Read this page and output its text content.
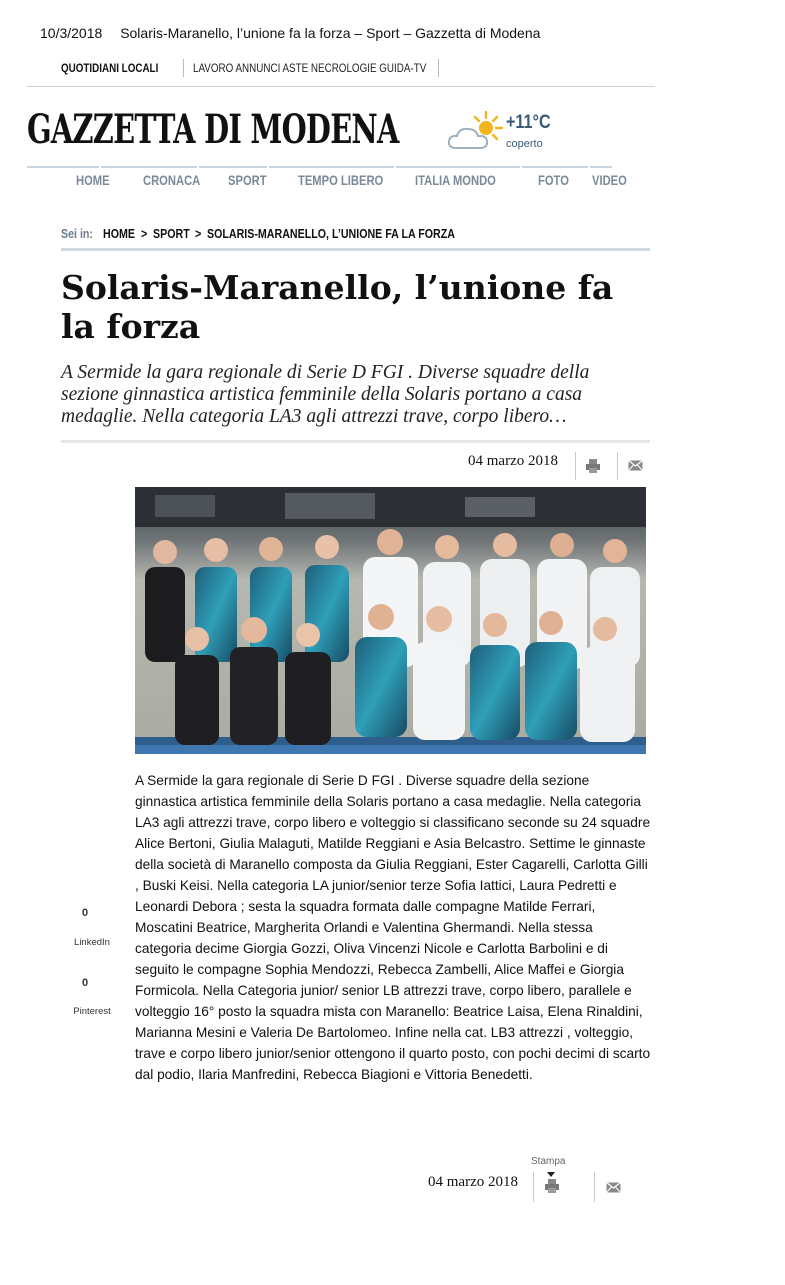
10/3/2018 Solaris-Maranello, l’unione fa la forza – Sport – Gazzetta di Modena
QUOTIDIANI LOCALI	LAVORO ANNUNCI ASTE NECROLOGIE GUIDA-TV
GAZZETTA DI MODENA	+11°C
coperto
HOME CRONACA SPORT TEMPO LIBERO ITALIA MONDO	FOTO VIDEO
Sei in: HOME > SPORT > SOLARIS-MARANELLO, L’UNIONE FA LA FORZA
Solaris-Maranello, l’unione fa la forza
A Sermide la gara regionale di Serie D FGI . Diverse squadre della sezione ginnastica artistica femminile della Solaris portano a casa medaglie. Nella categoria LA3 agli attrezzi trave, corpo libero…
04 marzo 2018

A Sermide la gara regionale di Serie D FGI . Diverse squadre della sezione ginnastica artistica femminile della Solaris portano a casa medaglie. Nella categoria LA3 agli attrezzi trave, corpo libero e volteggio si classificano seconde su 24 squadre Alice Bertoni, Giulia Malaguti, Matilde Reggiani e Asia Belcastro. Settime le ginnaste della società di Maranello composta da Giulia Reggiani, Ester Cagarelli, Carlotta Gilli , Buski Keisi. Nella categoria LA junior/senior terze Sofia Iattici, Laura Pedretti e Leonardi Debora ; sesta la squadra formata dalle compagne Matilde Ferrari, Moscatini Beatrice, Margherita Orlandi e Valentina Ghermandi. Nella stessa categoria decime Giorgia Gozzi, Oliva Vincenzi Nicole e Carlotta Barbolini e di seguito le compagne Sophia Mendozzi, Rebecca Zambelli, Alice Maffei e Giorgia Formicola. Nella Categoria junior/ senior LB attrezzi trave, corpo libero, parallele e volteggio 16° posto la squadra mista con Maranello: Beatrice Laisa, Elena Rinaldini, Marianna Mesini e Valeria De Bartolomeo. Infine nella cat. LB3 attrezzi , volteggio, trave e corpo libero junior/senior ottengono il quarto posto, con pochi decimi di scarto dal podio, Ilaria Manfredini, Rebecca Biagioni e Vittoria Benedetti.

0
LinkedIn
0
Pinterest
Stampa
04 marzo 2018
